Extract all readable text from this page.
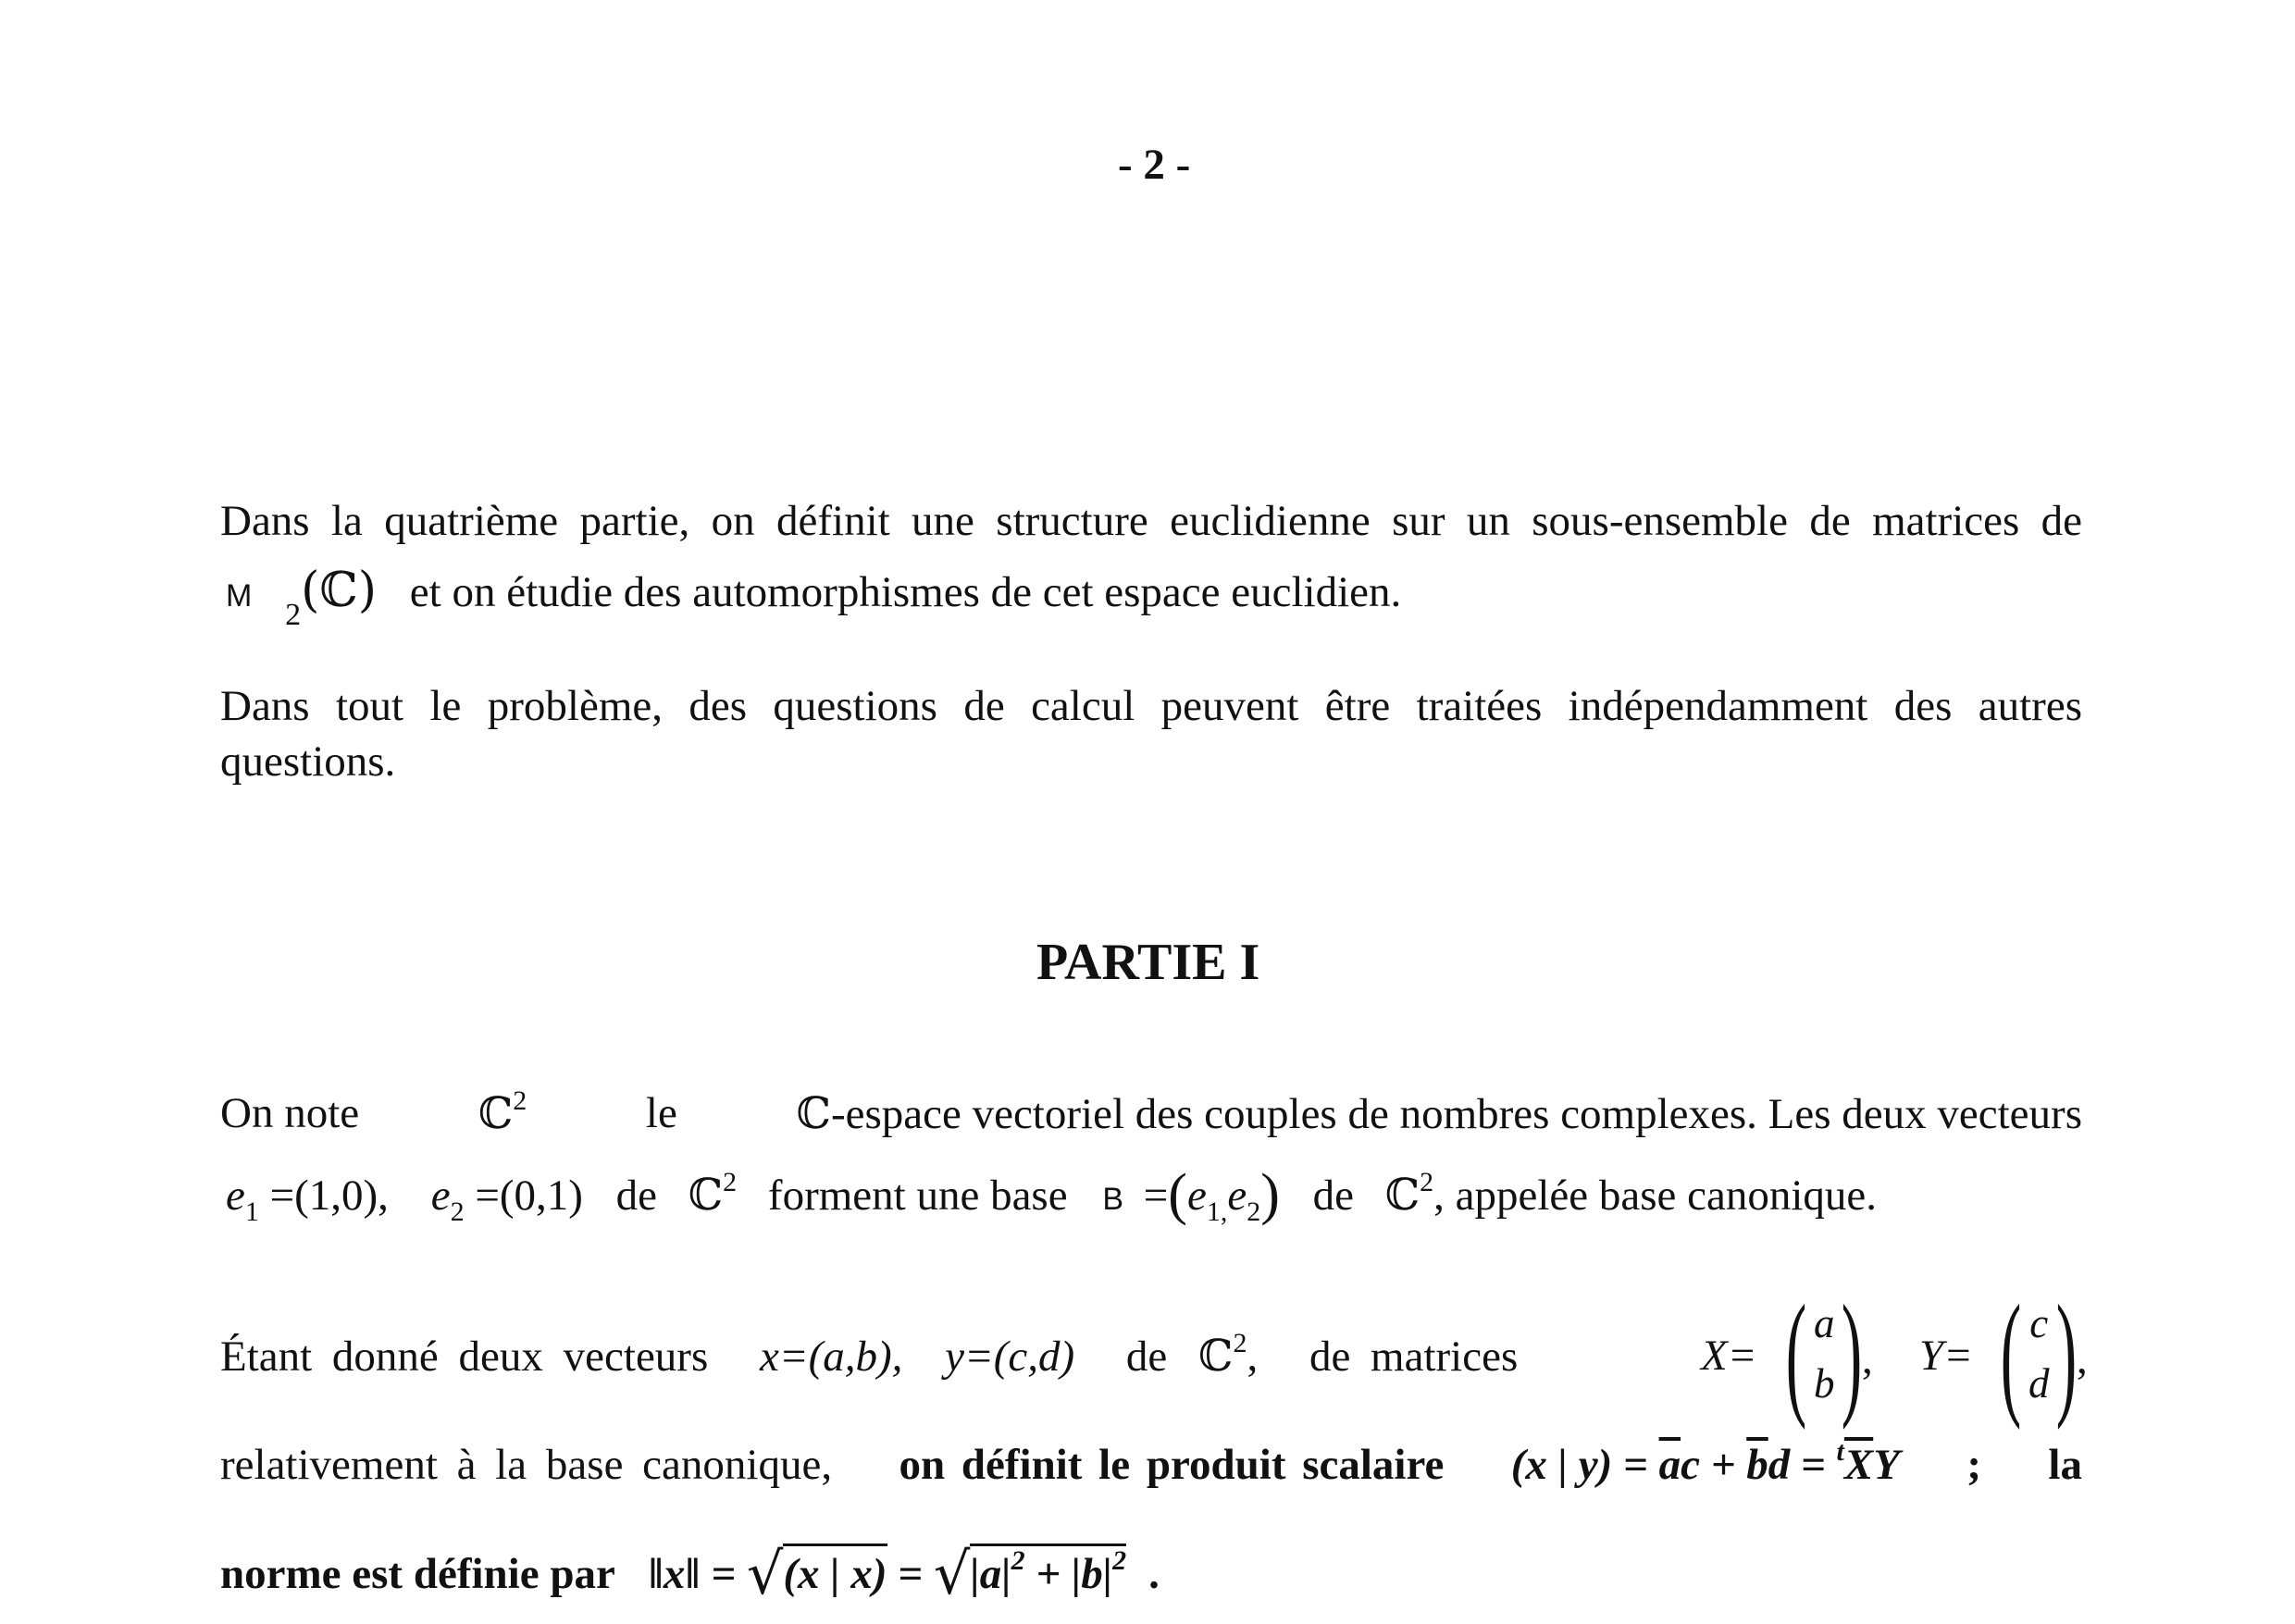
- 2 -
Dans la quatrième partie, on définit une structure euclidienne sur un sous-ensemble de matrices de
M $_2$(ℂ) et on étudie des automorphismes de cet espace euclidien.
Dans tout le problème, des questions de calcul peuvent être traitées indépendamment des autres
questions.
PARTIE I
On note	ℂ$^2$	le	ℂ-espace vectoriel des couples de nombres complexes. Les deux vecteurs
$e_1 =(1,0)$, $e_2 =(0,1)$ de ℂ$^2$ forment une base $B =(e_{1,}e_2)$ de ℂ$^2$, appelée base canonique.
Étant donné deux vecteurs x=(a,b), y=(c,d) de ℂ$^2$, de matrices	X= ( a
b ) , Y= ( c
d ) ,
relativement à la base canonique, on définit le produit scalaire (x | $y) = \overline{a}c + \overline{b}d = ^t\overline{X}Y$ ; la
norme est définie par ‖x‖ = √(x | $x) = √|a|^2 + |b|^2$ .
